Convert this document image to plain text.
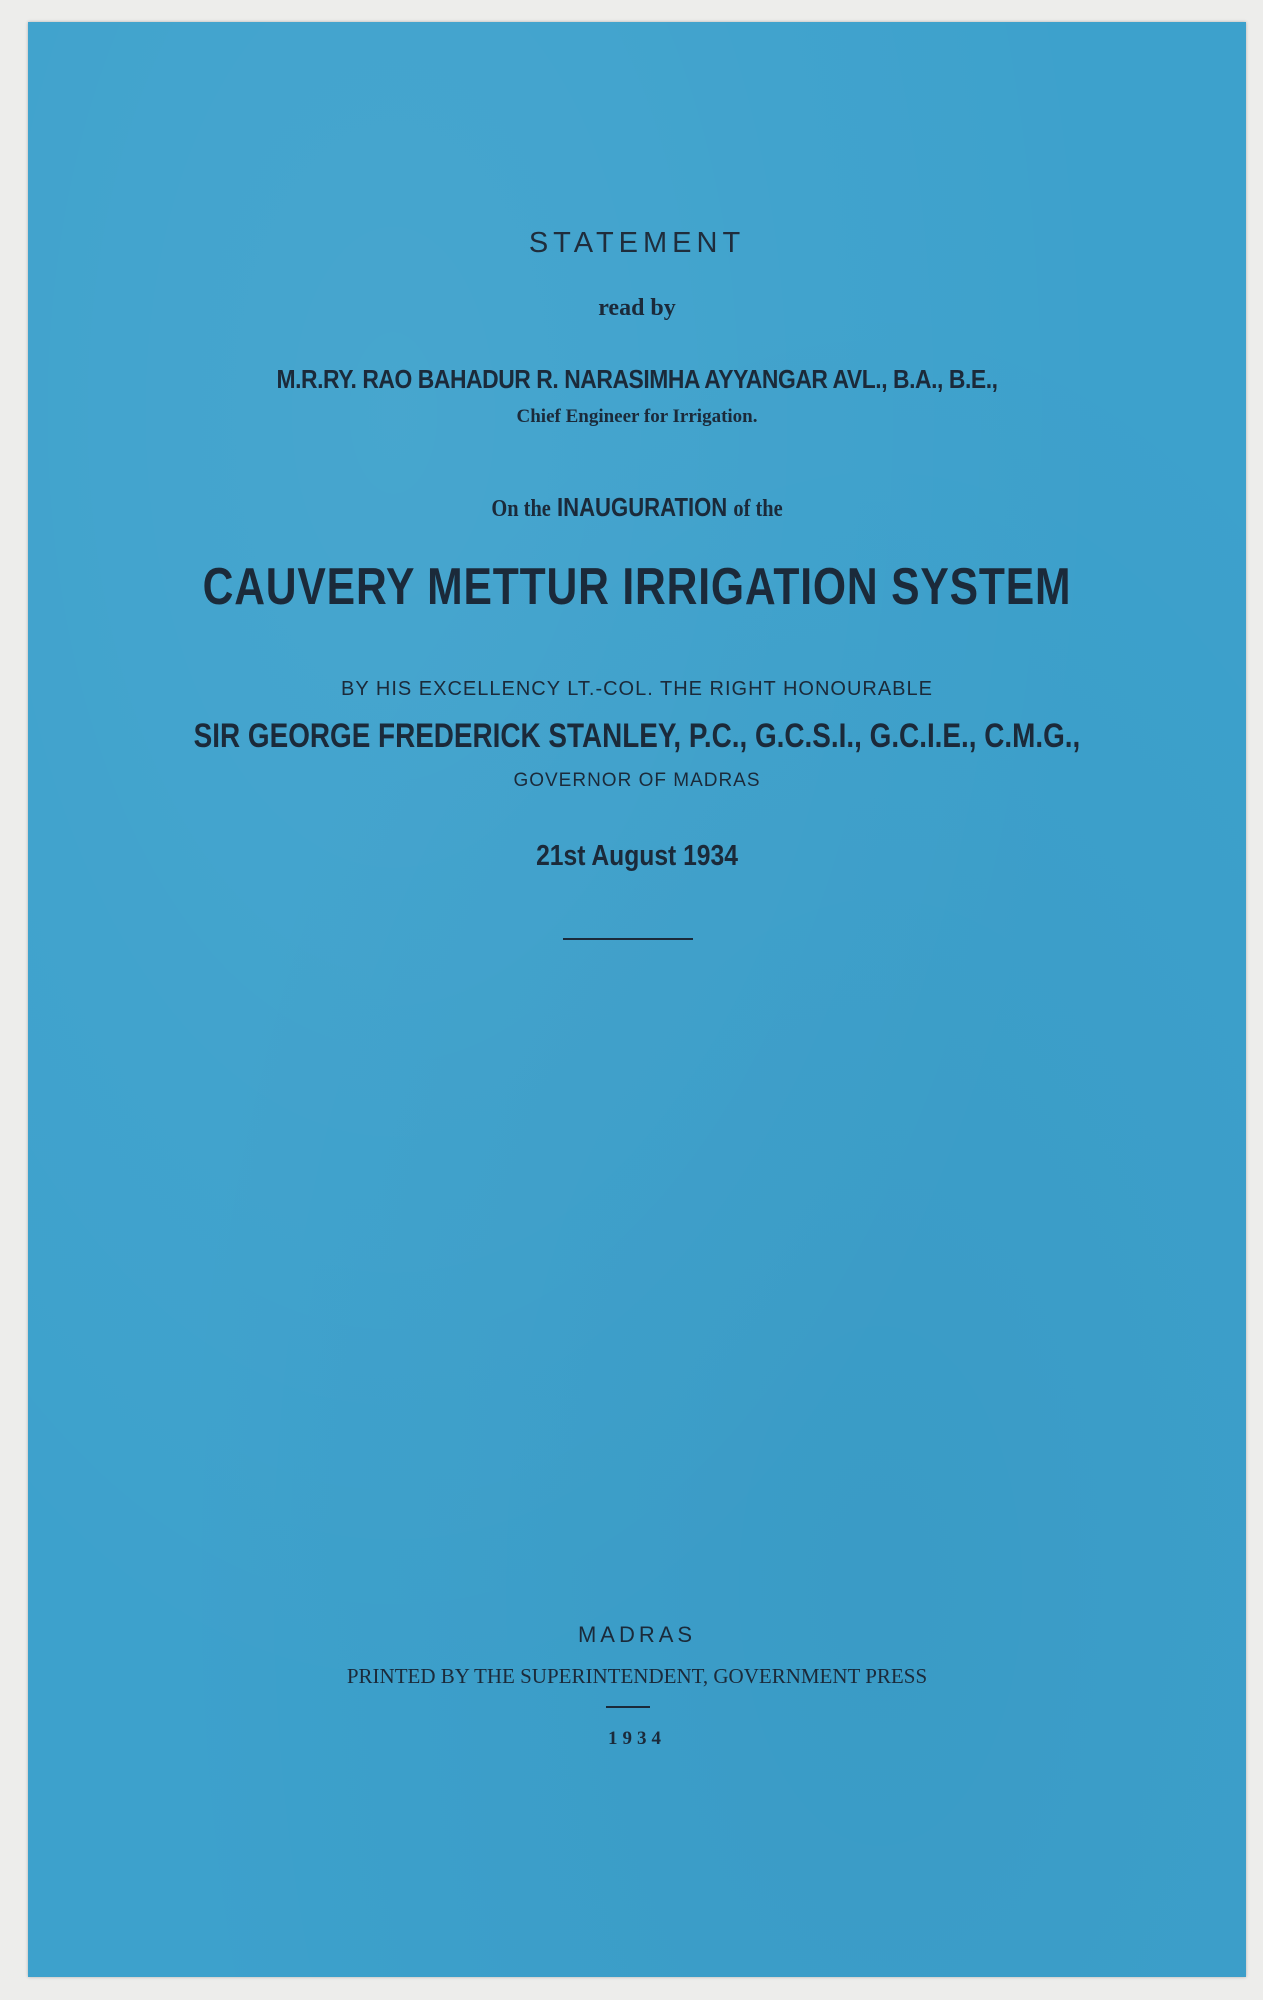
STATEMENT
read by
M.R.RY. RAO BAHADUR R. NARASIMHA AYYANGAR AVL., B.A., B.E.,
Chief Engineer for Irrigation.
On the INAUGURATION of the
CAUVERY METTUR IRRIGATION SYSTEM
BY HIS EXCELLENCY LT.-COL. THE RIGHT HONOURABLE
SIR GEORGE FREDERICK STANLEY, P.C., G.C.S.I., G.C.I.E., C.M.G.,
GOVERNOR OF MADRAS
21st August 1934
MADRAS
PRINTED BY THE SUPERINTENDENT, GOVERNMENT PRESS
1934
